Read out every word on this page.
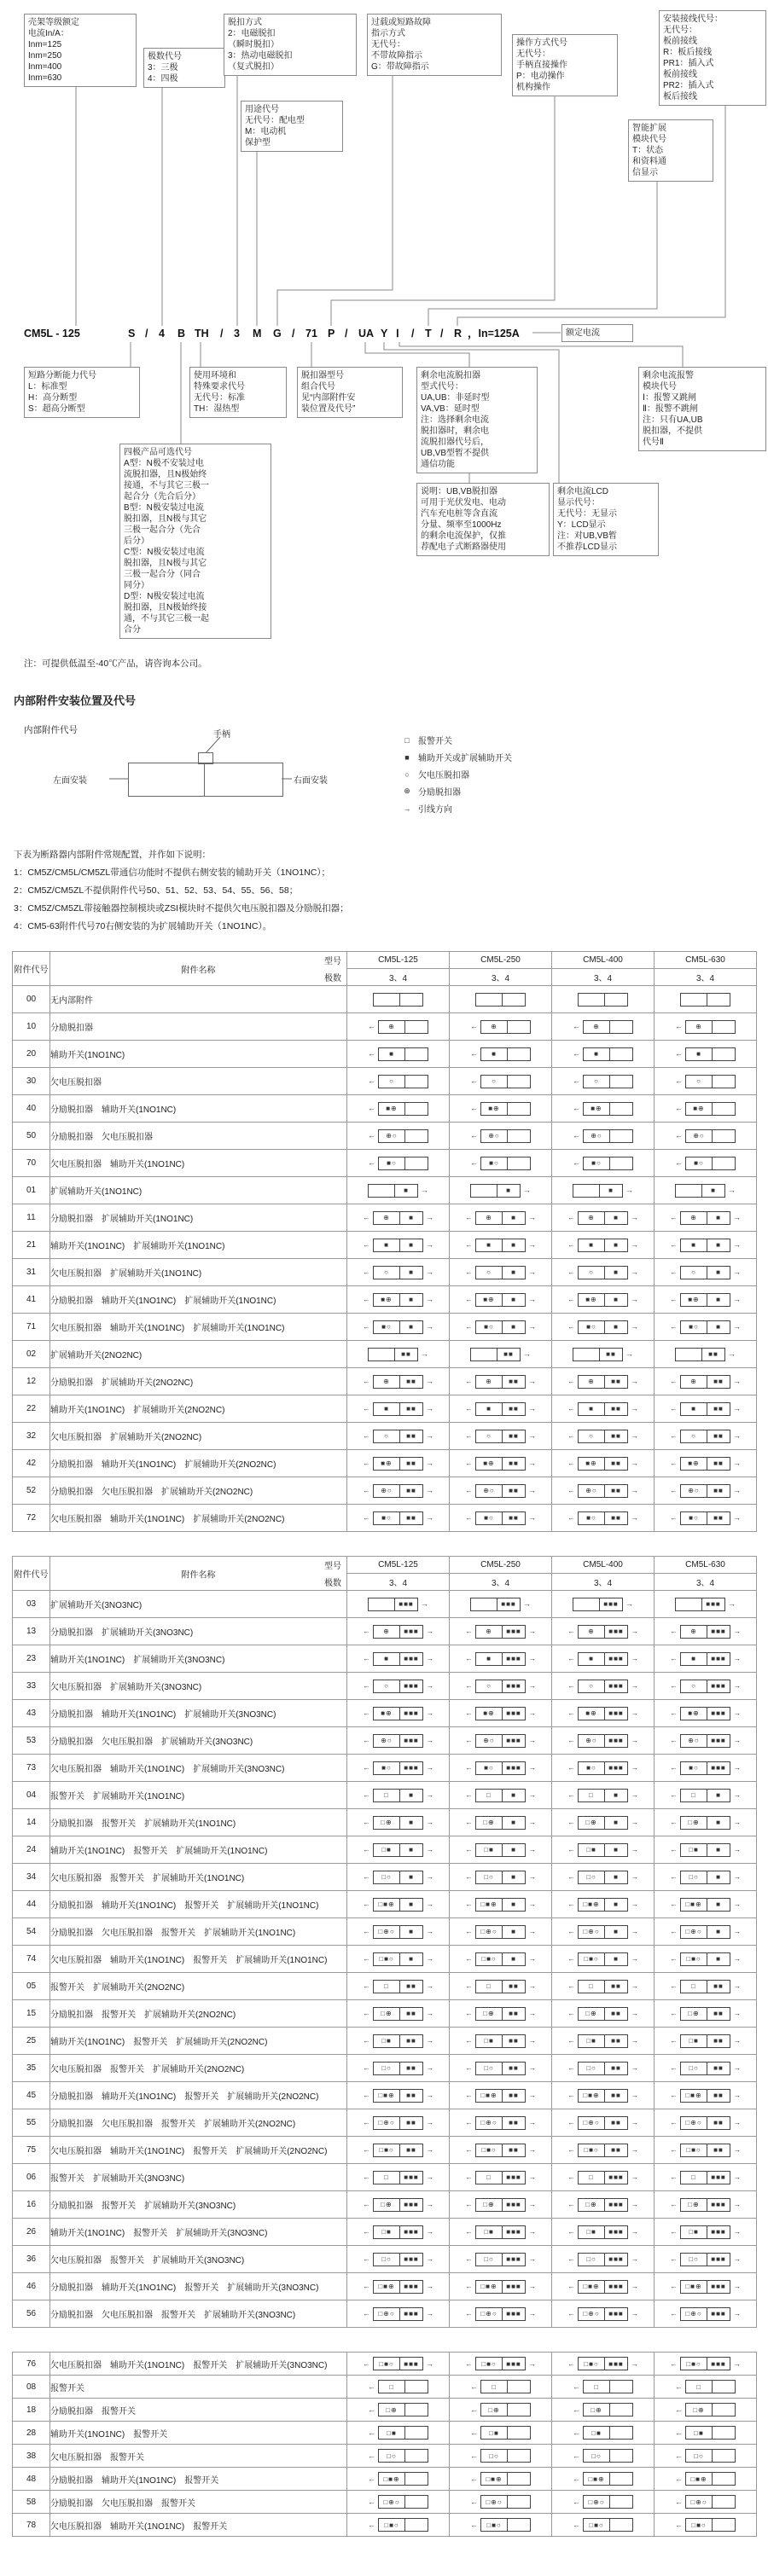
壳架等级额定
电流In/A：
Inm=125
Inm=250
Inm=400
Inm=630
极数代号
3：三极
4：四极
脱扣方式
2：电磁脱扣
（瞬时脱扣）
3：热动电磁脱扣
（复式脱扣）
用途代号
无代号：配电型
M：电动机
保护型
过载或短路故障
指示方式
无代号：
不带故障指示
G：带故障指示
操作方式代号
无代号：
手柄直接操作
P：电动操作
机构操作
智能扩展
模块代号
T：状态
和资料通
信显示
安装接线代号：
无代号：
板前接线
R：板后接线
PR1：插入式
板前接线
PR2：插入式
板后接线
额定电流
短路分断能力代号
L：标准型
H：高分断型
S：超高分断型
四极产品可选代号
A型：N极不安装过电
流脱扣器，且N极始终
接通，不与其它三极一
起合分（先合后分）
B型：N极安装过电流
脱扣器，且N极与其它
三极一起合分（先合
后分）
C型：N极安装过电流
脱扣器，且N极与其它
三极一起合分（同合
同分）
D型：N极安装过电流
脱扣器，且N极始终接
通，不与其它三极一起
合分
使用环境和
特殊要求代号
无代号：标准
TH：湿热型
脱扣器型号
组合代号
见“内部附件安
装位置及代号”
剩余电流脱扣器
型式代号：
UA,UB：非延时型
VA,VB：延时型
注：选择剩余电流
脱扣器时，剩余电
流脱扣器代号后，
UB,VB型暂不提供
通信功能
剩余电流报警
模块代号
Ⅰ：报警又跳闸
Ⅱ：报警不跳闸
注：只有UA,UB
脱扣器，不提供
代号Ⅱ
剩余电流LCD
显示代号：
无代号：无显示
Y：LCD显示
注：对UB,VB暂
不推荐LCD显示
说明：UB,VB脱扣器
可用于光伏发电、电动
汽车充电桩等含直流
分量、频率至1000Hz
的剩余电流保护，仅推
荐配电子式断路器使用
CM5L - 125	S / 4 B TH / 3 M G / 71 P / UA Y Ⅰ / T / R ，In=125A
注：可提供低温至-40℃产品，请咨询本公司。
内部附件安装位置及代号
内部附件代号	手柄
左面安装	右面安装
□	报警开关
■	辅助开关或扩展辅助开关
○	欠电压脱扣器
⊕ 分励脱扣器
→ 引线方向
下表为断路器内部附件常规配置，并作如下说明：
1：CM5Z/CM5L/CM5ZL带通信功能时不提供右侧安装的辅助开关（1NO1NC）；
2：CM5Z/CM5ZL不提供附件代号50、51、52、53、54、55、56、58；
3：CM5Z/CM5ZL带接触器控制模块或ZSI模块时不提供欠电压脱扣器及分励脱扣器；
4：CM5-63附件代号70右侧安装的为扩展辅助开关（1NO1NC）。
附件代号	附件名称
型号
极数	CM5L-125	CM5L-250	CM5L-400	CM5L-630
		3、4	3、4	3、4	3、4
00	无内部附件	

10	分励脱扣器	← ⊕	← ⊕	← ⊕	← ⊕

20	辅助开关(1NO1NC)	← ■	← ■	← ■	← ■

30	欠电压脱扣器	← ○	← ○	← ○	← ○

40	分励脱扣器　辅助开关(1NO1NC)	← ■⊕	← ■⊕	← ■⊕	← ■⊕

50	分励脱扣器　欠电压脱扣器	← ⊕○	← ⊕○	← ⊕○	← ⊕○

70	欠电压脱扣器　辅助开关(1NO1NC)	← ■○	← ■○	← ■○	← ■○

01	扩展辅助开关(1NO1NC)	■ →	■ →	■ →	■ →

11	分励脱扣器　扩展辅助开关(1NO1NC)	← ⊕ ■ →	← ⊕ ■ →	← ⊕ ■ →	← ⊕ ■ →

21	辅助开关(1NO1NC)　扩展辅助开关(1NO1NC)	← ■ ■ →	← ■ ■ →	← ■ ■ →	← ■ ■ →

31	欠电压脱扣器　扩展辅助开关(1NO1NC)	← ○ ■ →	← ○ ■ →	← ○ ■ →	← ○ ■ →

41	分励脱扣器　辅助开关(1NO1NC)　扩展辅助开关(1NO1NC)	← ■⊕ ■ →	← ■⊕ ■ →	← ■⊕ ■ →	← ■⊕ ■ →

71	欠电压脱扣器　辅助开关(1NO1NC)　扩展辅助开关(1NO1NC)	← ■○ ■ →	← ■○ ■ →	← ■○ ■ →	← ■○ ■ →

02	扩展辅助开关(2NO2NC)	■■ →	■■ →	■■ →	■■ →

12	分励脱扣器　扩展辅助开关(2NO2NC)	← ⊕ ■■ →	← ⊕ ■■ →	← ⊕ ■■ →	← ⊕ ■■ →

22	辅助开关(1NO1NC)　扩展辅助开关(2NO2NC)	← ■ ■■ →	← ■ ■■ →	← ■ ■■ →	← ■ ■■ →

32	欠电压脱扣器　扩展辅助开关(2NO2NC)	← ○ ■■ →	← ○ ■■ →	← ○ ■■ →	← ○ ■■ →

42	分励脱扣器　辅助开关(1NO1NC)　扩展辅助开关(2NO2NC)	← ■⊕ ■■ →	← ■⊕ ■■ →	← ■⊕ ■■ →	← ■⊕ ■■ →

52	分励脱扣器　欠电压脱扣器　扩展辅助开关(2NO2NC)	← ⊕○ ■■ →	← ⊕○ ■■ →	← ⊕○ ■■ →	← ⊕○ ■■ →

72	欠电压脱扣器　辅助开关(1NO1NC)　扩展辅助开关(2NO2NC)	← ■○ ■■ →	← ■○ ■■ →	← ■○ ■■ →	← ■○ ■■ →
附件代号	附件名称
型号
极数	CM5L-125	CM5L-250	CM5L-400	CM5L-630
		3、4	3、4	3、4	3、4
03	扩展辅助开关(3NO3NC)	■■■ →	■■■ →	■■■ →	■■■ →

13	分励脱扣器　扩展辅助开关(3NO3NC)	← ⊕ ■■■ →	← ⊕ ■■■ →	← ⊕ ■■■ →	← ⊕ ■■■ →

23	辅助开关(1NO1NC)　扩展辅助开关(3NO3NC)	← ■ ■■■ →	← ■ ■■■ →	← ■ ■■■ →	← ■ ■■■ →

33	欠电压脱扣器　扩展辅助开关(3NO3NC)	← ○ ■■■ →	← ○ ■■■ →	← ○ ■■■ →	← ○ ■■■ →

43	分励脱扣器　辅助开关(1NO1NC)　扩展辅助开关(3NO3NC)	← ■⊕ ■■■ →	← ■⊕ ■■■ →	← ■⊕ ■■■ →	← ■⊕ ■■■ →

53	分励脱扣器　欠电压脱扣器　扩展辅助开关(3NO3NC)	← ⊕○ ■■■ →	← ⊕○ ■■■ →	← ⊕○ ■■■ →	← ⊕○ ■■■ →

73	欠电压脱扣器　辅助开关(1NO1NC)　扩展辅助开关(3NO3NC)	← ■○ ■■■ →	← ■○ ■■■ →	← ■○ ■■■ →	← ■○ ■■■ →

04	报警开关　扩展辅助开关(1NO1NC)	← □ ■ →	← □ ■ →	← □ ■ →	← □ ■ →

14	分励脱扣器　报警开关　扩展辅助开关(1NO1NC)	← □⊕ ■ →	← □⊕ ■ →	← □⊕ ■ →	← □⊕ ■ →

24	辅助开关(1NO1NC)　报警开关　扩展辅助开关(1NO1NC)	← □■ ■ →	← □■ ■ →	← □■ ■ →	← □■ ■ →

34	欠电压脱扣器　报警开关　扩展辅助开关(1NO1NC)	← □○ ■ →	← □○ ■ →	← □○ ■ →	← □○ ■ →

44	分励脱扣器　辅助开关(1NO1NC)　报警开关　扩展辅助开关(1NO1NC)	← □■⊕ ■ →	← □■⊕ ■ →	← □■⊕ ■ →	← □■⊕ ■ →

54	分励脱扣器　欠电压脱扣器　报警开关　扩展辅助开关(1NO1NC)	← □⊕○ ■ →	← □⊕○ ■ →	← □⊕○ ■ →	← □⊕○ ■ →

74	欠电压脱扣器　辅助开关(1NO1NC)　报警开关　扩展辅助开关(1NO1NC)	← □■○ ■ →	← □■○ ■ →	← □■○ ■ →	← □■○ ■ →

05	报警开关　扩展辅助开关(2NO2NC)	← □ ■■ →	← □ ■■ →	← □ ■■ →	← □ ■■ →

15	分励脱扣器　报警开关　扩展辅助开关(2NO2NC)	← □⊕ ■■ →	← □⊕ ■■ →	← □⊕ ■■ →	← □⊕ ■■ →

25	辅助开关(1NO1NC)　报警开关　扩展辅助开关(2NO2NC)	← □■ ■■ →	← □■ ■■ →	← □■ ■■ →	← □■ ■■ →

35	欠电压脱扣器　报警开关　扩展辅助开关(2NO2NC)	← □○ ■■ →	← □○ ■■ →	← □○ ■■ →	← □○ ■■ →

45	分励脱扣器　辅助开关(1NO1NC)　报警开关　扩展辅助开关(2NO2NC)	← □■⊕ ■■ →	← □■⊕ ■■ →	← □■⊕ ■■ →	← □■⊕ ■■ →

55	分励脱扣器　欠电压脱扣器　报警开关　扩展辅助开关(2NO2NC)	← □⊕○ ■■ →	← □⊕○ ■■ →	← □⊕○ ■■ →	← □⊕○ ■■ →

75	欠电压脱扣器　辅助开关(1NO1NC)　报警开关　扩展辅助开关(2NO2NC)	← □■○ ■■ →	← □■○ ■■ →	← □■○ ■■ →	← □■○ ■■ →

06	报警开关　扩展辅助开关(3NO3NC)	← □ ■■■ →	← □ ■■■ →	← □ ■■■ →	← □ ■■■ →

16	分励脱扣器　报警开关　扩展辅助开关(3NO3NC)	← □⊕ ■■■ →	← □⊕ ■■■ →	← □⊕ ■■■ →	← □⊕ ■■■ →

26	辅助开关(1NO1NC)　报警开关　扩展辅助开关(3NO3NC)	← □■ ■■■ →	← □■ ■■■ →	← □■ ■■■ →	← □■ ■■■ →

36	欠电压脱扣器　报警开关　扩展辅助开关(3NO3NC)	← □○ ■■■ →	← □○ ■■■ →	← □○ ■■■ →	← □○ ■■■ →

46	分励脱扣器　辅助开关(1NO1NC)　报警开关　扩展辅助开关(3NO3NC)	← □■⊕ ■■■ →	← □■⊕ ■■■ →	← □■⊕ ■■■ →	← □■⊕ ■■■ →

56	分励脱扣器　欠电压脱扣器　报警开关　扩展辅助开关(3NO3NC)	← □⊕○ ■■■ →	← □⊕○ ■■■ →	← □⊕○ ■■■ →	← □⊕○ ■■■ →
76	欠电压脱扣器　辅助开关(1NO1NC)　报警开关　扩展辅助开关(3NO3NC)	← □■○ ■■■ →	← □■○ ■■■ →	← □■○ ■■■ →	← □■○ ■■■ →

08	报警开关	← □	← □	← □	← □

18	分励脱扣器　报警开关	← □⊕	← □⊕	← □⊕	← □⊕

28	辅助开关(1NO1NC)　报警开关	← □■	← □■	← □■	← □■

38	欠电压脱扣器　报警开关	← □○	← □○	← □○	← □○

48	分励脱扣器　辅助开关(1NO1NC)　报警开关	← □■⊕	← □■⊕	← □■⊕	← □■⊕

58	分励脱扣器　欠电压脱扣器　报警开关	← □⊕○	← □⊕○	← □⊕○	← □⊕○

78	欠电压脱扣器　辅助开关(1NO1NC)　报警开关	← □■○	← □■○	← □■○	← □■○
